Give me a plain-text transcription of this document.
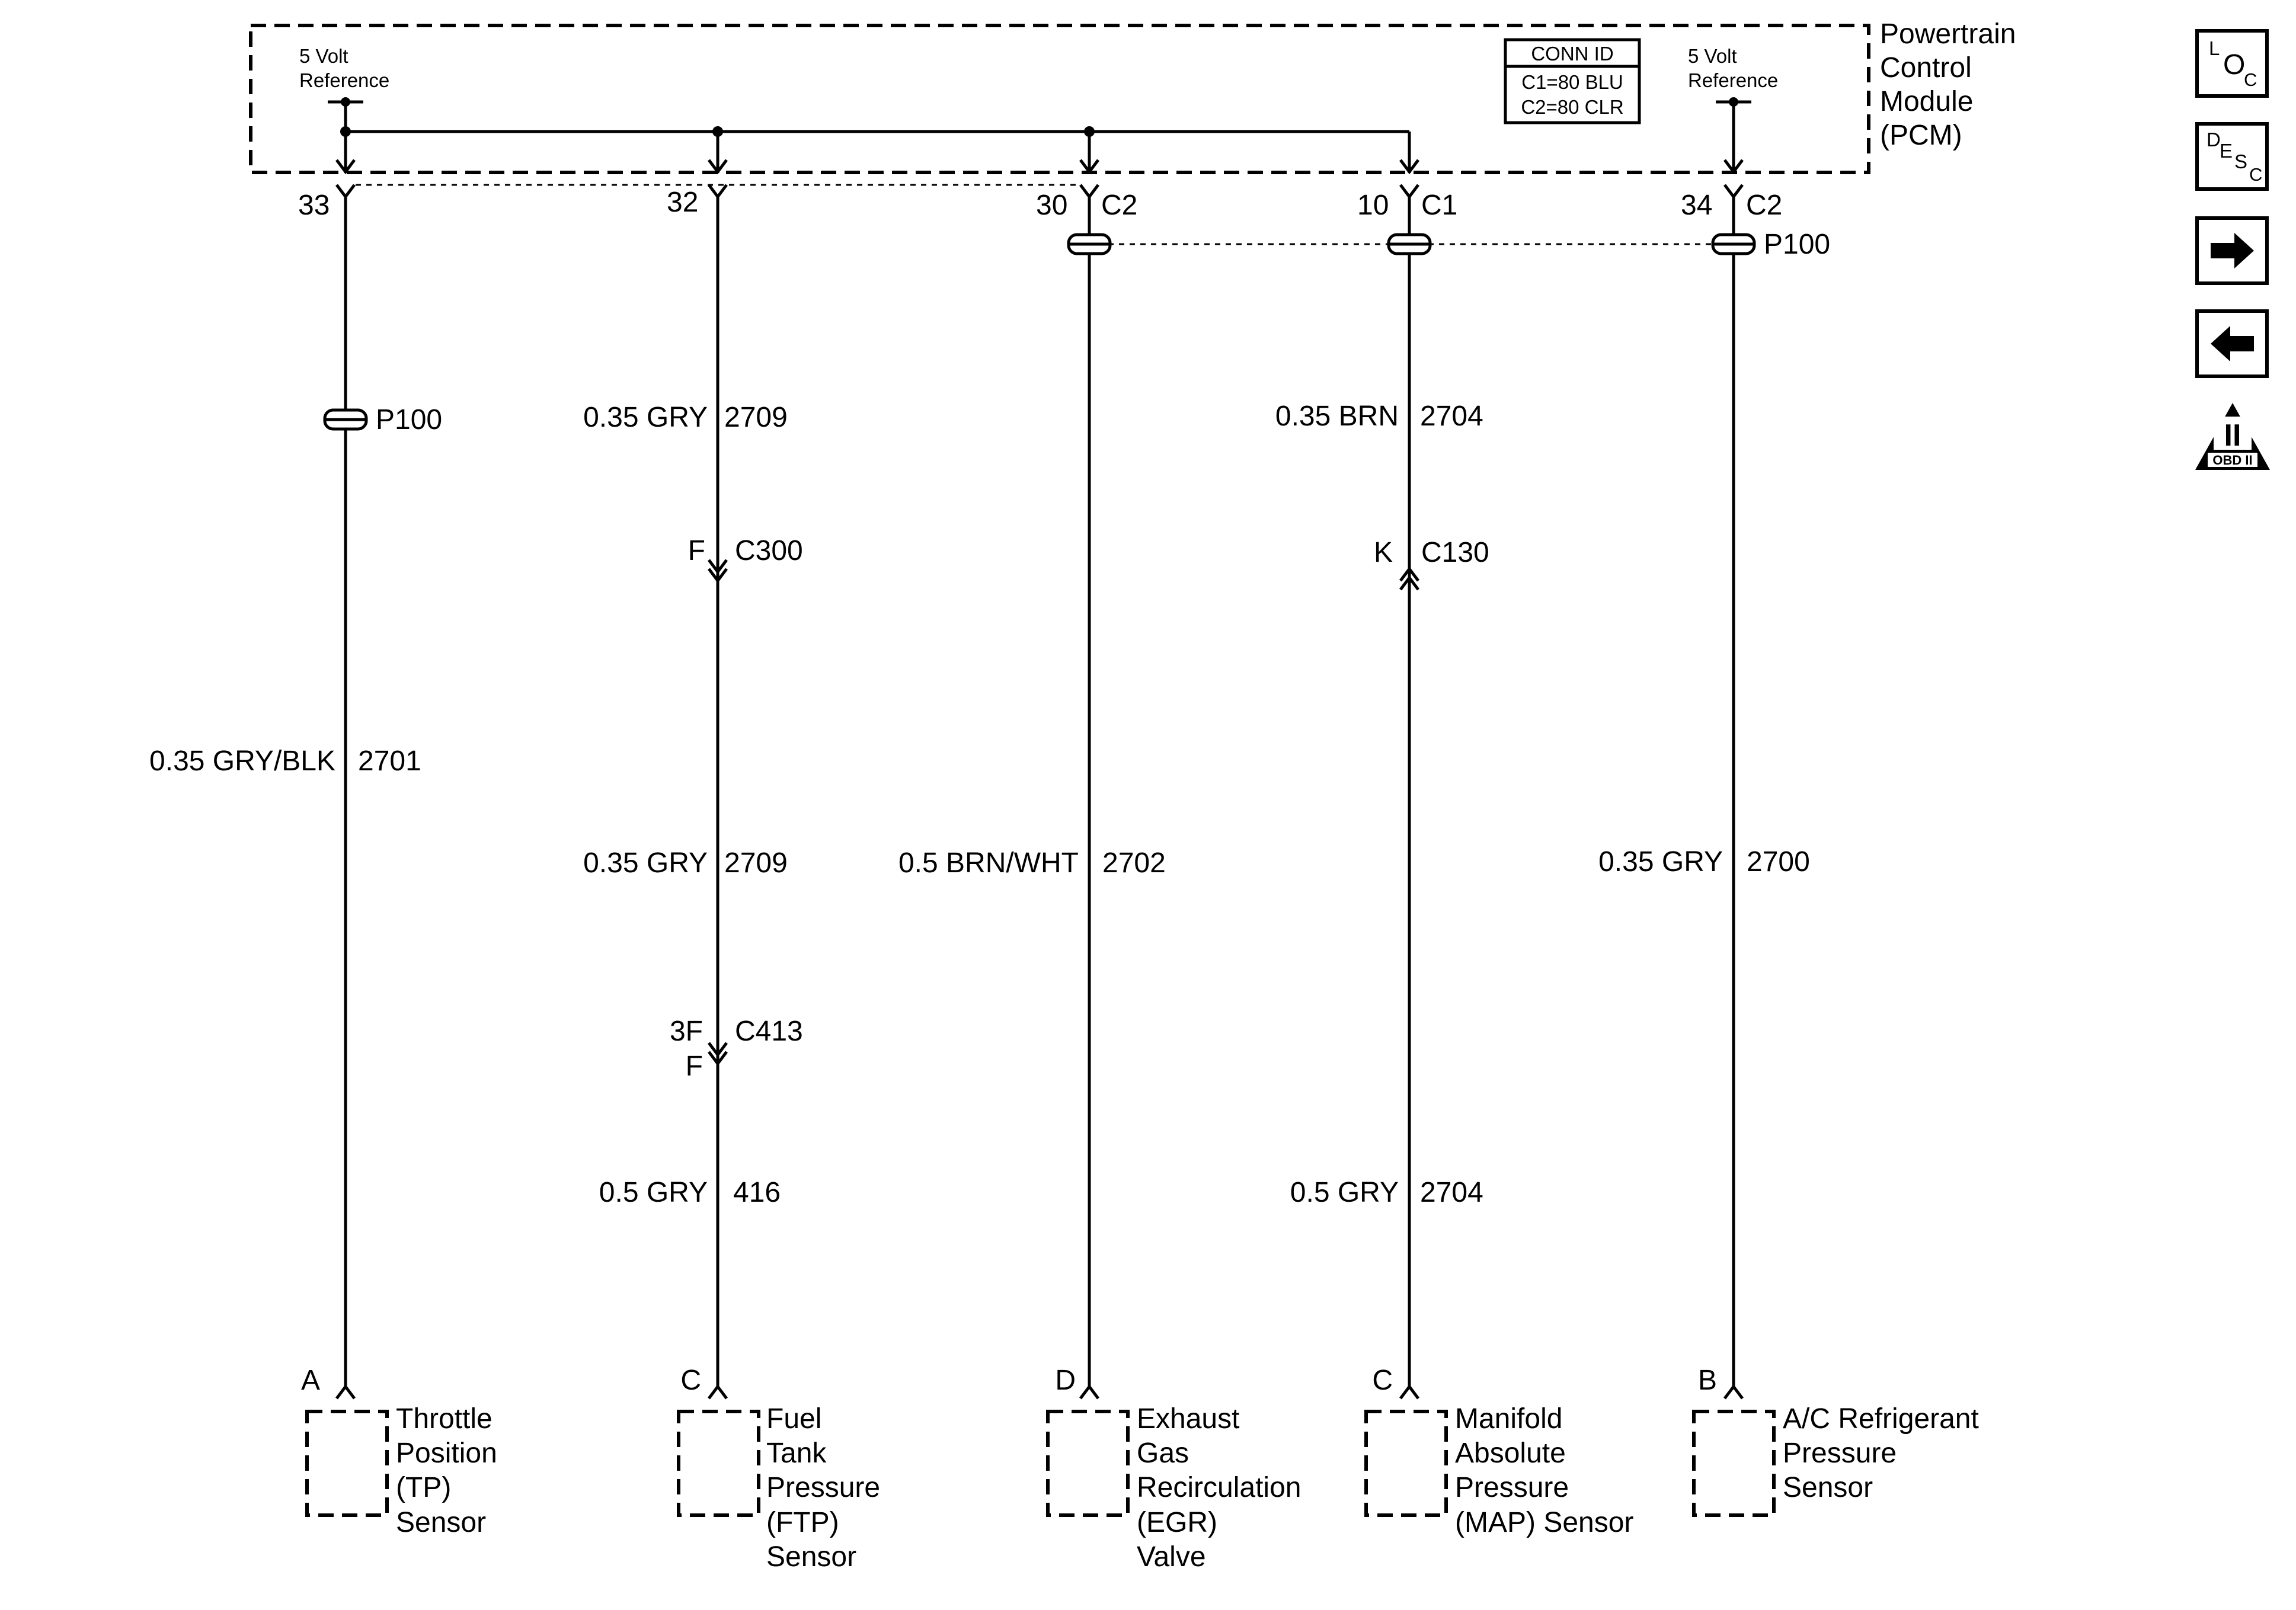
Powertrain
Control
Module
(PCM)
5 Volt
Reference
5 Volt
Reference
CONN ID
C1=80 BLU
C2=80 CLR
33	32	30 C2	10 C1	34 C2
P100
P100
0.35 GRY/BLK 2701
0.35 GRY 2709
0.35 GRY 2709
0.5 GRY 416
0.5 BRN/WHT 2702
0.35 BRN 2704
0.5 GRY 2704
0.35 GRY 2700
F C300	K C130
3F
F
C413
A
Throttle
Position
(TP)
Sensor
C
Fuel
Tank
Pressure
(FTP)
Sensor
D
Exhaust
Gas
Recirculation
(EGR)
Valve
C
Manifold
Absolute
Pressure
(MAP) Sensor
B
A/C Refrigerant
Pressure
Sensor
L
O
C
D
E S
C
II
OBD II
